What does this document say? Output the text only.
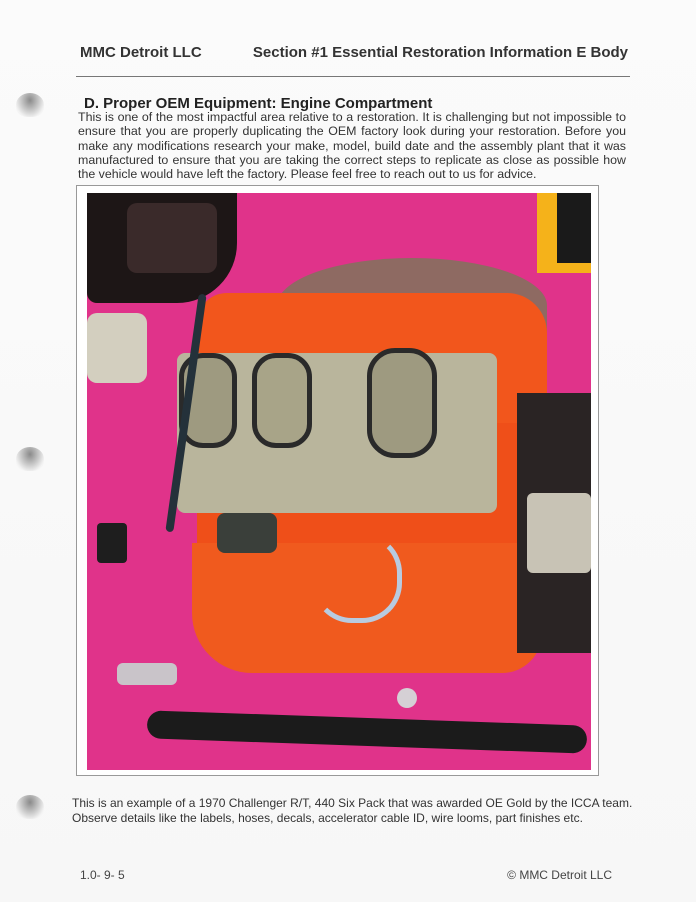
MMC Detroit LLC	Section #1 Essential Restoration Information E Body
D. Proper OEM Equipment: Engine Compartment
This is one of the most impactful area relative to a restoration. It is challenging but not impossible to ensure that you are properly duplicating the OEM factory look during your restoration. Before you make any modifications research your make, model, build date and the assembly plant that it was manufactured to ensure that you are taking the correct steps to replicate as close as possible how the vehicle would have left the factory. Please feel free to reach out to us for advice.
This is an example of a 1970 Challenger R/T, 440 Six Pack that was awarded OE Gold by the ICCA team.
Observe details like the labels, hoses, decals, accelerator cable ID, wire looms, part finishes etc.
1.0- 9- 5	© MMC Detroit LLC
